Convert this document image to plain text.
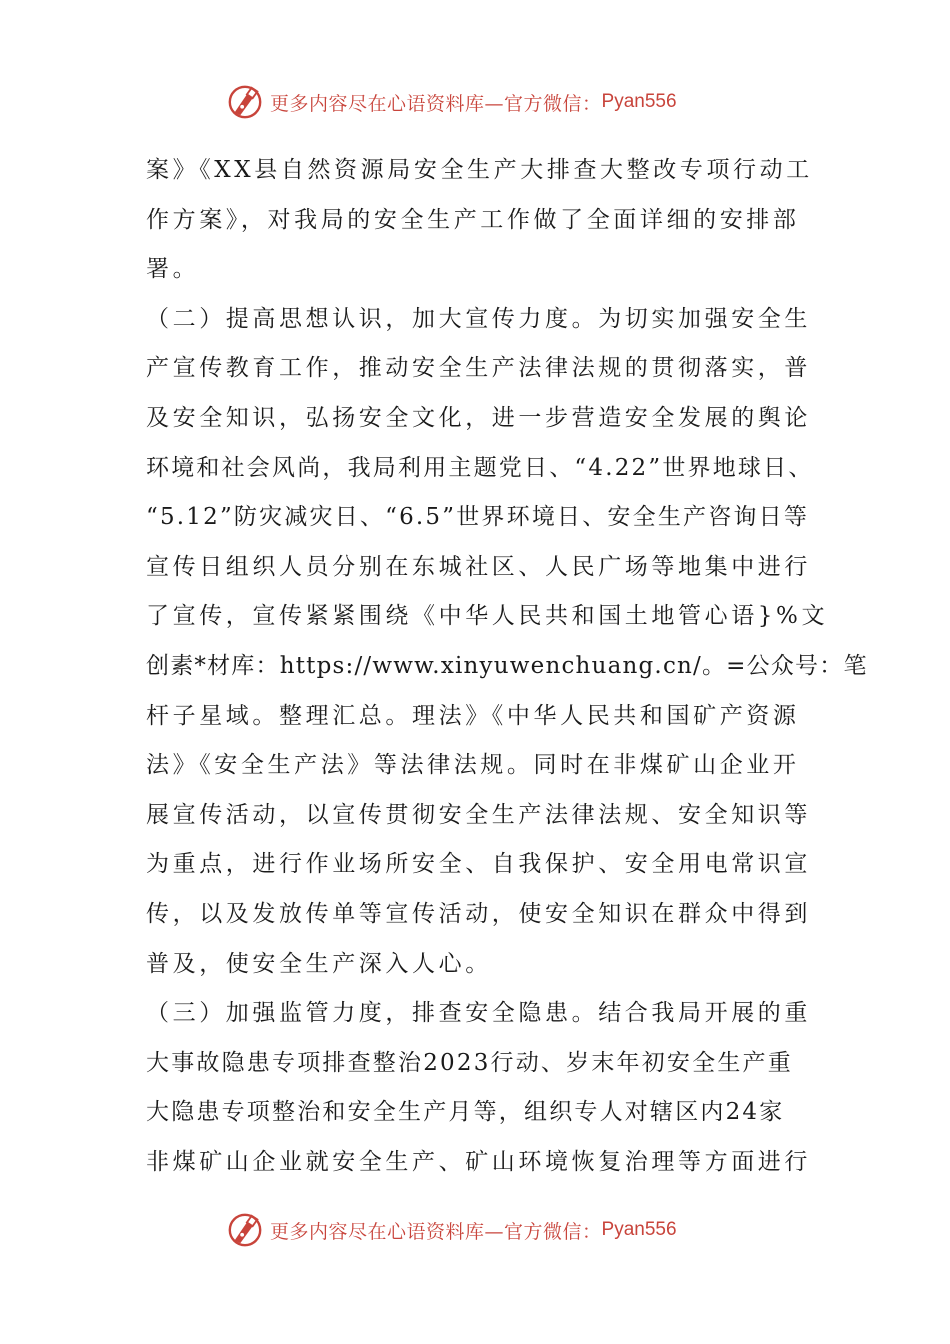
更多内容尽在心语资料库—官方微信： Pyan556
案》《XX县自然资源局安全生产大排查大整改专项行动工
作方案》，对我局的安全生产工作做了全面详细的安排部
署。
（二）提高思想认识，加大宣传力度。为切实加强安全生
产宣传教育工作，推动安全生产法律法规的贯彻落实，普
及安全知识，弘扬安全文化，进一步营造安全发展的舆论
环境和社会风尚，我局利用主题党日、“4.22”世界地球日、
“5.12”防灾减灾日、“6.5”世界环境日、安全生产咨询日等
宣传日组织人员分别在东城社区、人民广场等地集中进行
了宣传，宣传紧紧围绕《中华人民共和国土地管心语}%文
创素*材库：https://www.xinyuwenchuang.cn/。=公众号：笔
杆子星域。整理汇总。理法》《中华人民共和国矿产资源
法》《安全生产法》等法律法规。同时在非煤矿山企业开
展宣传活动，以宣传贯彻安全生产法律法规、安全知识等
为重点，进行作业场所安全、自我保护、安全用电常识宣
传，以及发放传单等宣传活动，使安全知识在群众中得到
普及，使安全生产深入人心。
（三）加强监管力度，排查安全隐患。结合我局开展的重
大事故隐患专项排查整治2023行动、岁末年初安全生产重
大隐患专项整治和安全生产月等，组织专人对辖区内24家
非煤矿山企业就安全生产、矿山环境恢复治理等方面进行
更多内容尽在心语资料库—官方微信： Pyan556
